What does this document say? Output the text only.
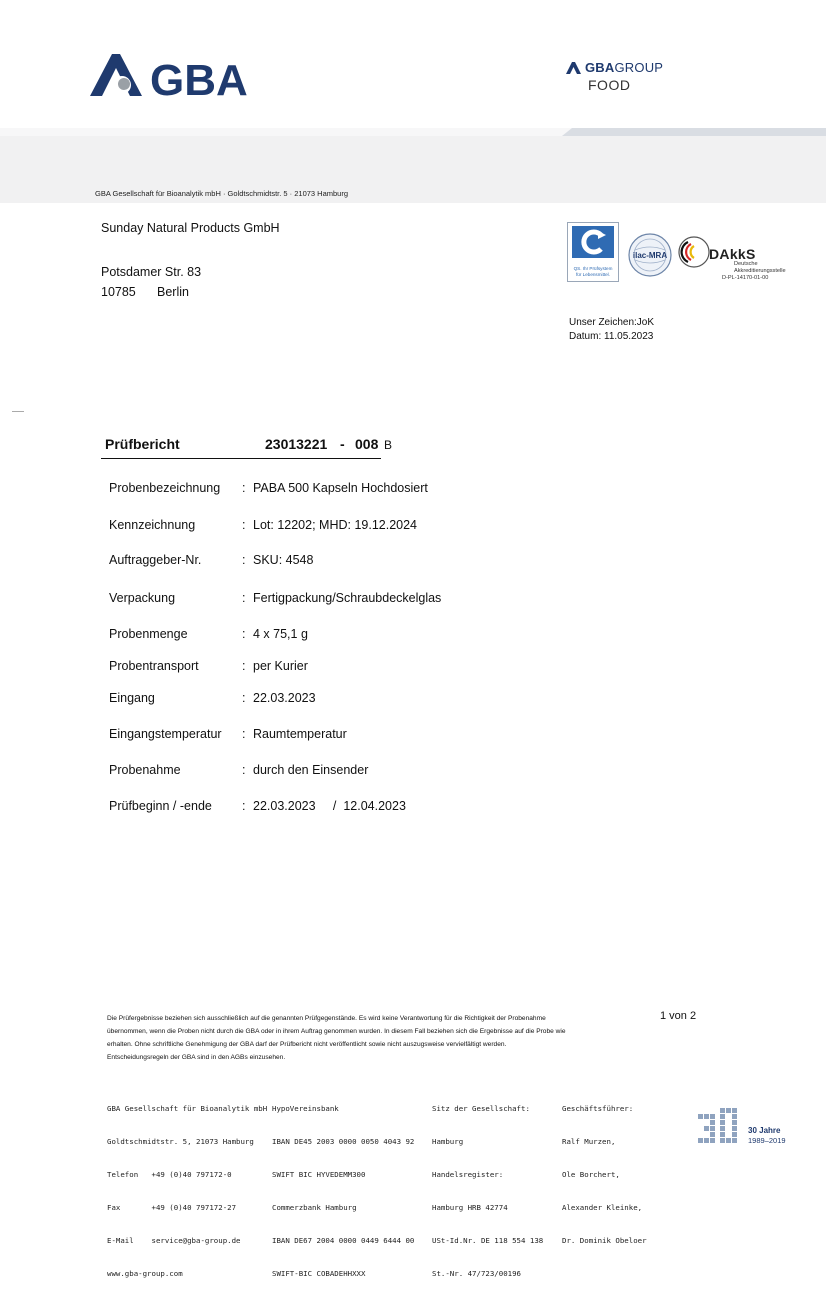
GBA	GBAGROUP
FOOD
GBA Gesellschaft für Bioanalytik mbH · Goldtschmidtstr. 5 · 21073 Hamburg
Sunday Natural Products GmbH
Potsdamer Str. 83
10785 Berlin
QS. Ihr Prüfsystem für Lebensmittel.
ilac-MRA	DAkkS
Deutsche
Akkreditierungsstelle
D-PL-14170-01-00
Unser Zeichen:JoK
Datum: 11.05.2023
Prüfbericht	23013221 - 008 B
Probenbezeichnung : PABA 500 Kapseln Hochdosiert
Kennzeichnung	: Lot: 12202; MHD: 19.12.2024
Auftraggeber-Nr.	: SKU: 4548
Verpackung	: Fertigpackung/Schraubdeckelglas
Probenmenge	: 4 x 75,1 g
Probentransport	: per Kurier
Eingang	: 22.03.2023
Eingangstemperatur : Raumtemperatur
Probenahme	: durch den Einsender
Prüfbeginn / -ende : 22.03.2023     /  12.04.2023
Die Prüfergebnisse beziehen sich ausschließlich auf die genannten Prüfgegenstände. Es wird keine Verantwortung für die Richtigkeit der Probenahme
übernommen, wenn die Proben nicht durch die GBA oder in ihrem Auftrag genommen wurden. In diesem Fall beziehen sich die Ergebnisse auf die Probe wie
erhalten. Ohne schriftliche Genehmigung der GBA darf der Prüfbericht nicht veröffentlicht sowie nicht auszugsweise vervielfältigt werden.
Entscheidungsregeln der GBA sind in den AGBs einzusehen.
1 von 2

GBA Gesellschaft für Bioanalytik mbH

Goldtschmidtstr. 5, 21073 Hamburg

Telefon   +49 (0)40 797172-0

Fax       +49 (0)40 797172-27

E-Mail    service@gba-group.de

www.gba-group.com

HypoVereinsbank

IBAN DE45 2003 0000 0050 4043 92

SWIFT BIC HYVEDEMM300

Commerzbank Hamburg

IBAN DE67 2004 0000 0449 6444 00

SWIFT-BIC COBADEHHXXX

Sitz der Gesellschaft:

Hamburg

Handelsregister:

Hamburg HRB 42774

USt-Id.Nr. DE 118 554 138

St.-Nr. 47/723/00196

Geschäftsführer:

Ralf Murzen,

Ole Borchert,

Alexander Kleinke,

Dr. Dominik Obeloer

30 Jahre
1989–2019
